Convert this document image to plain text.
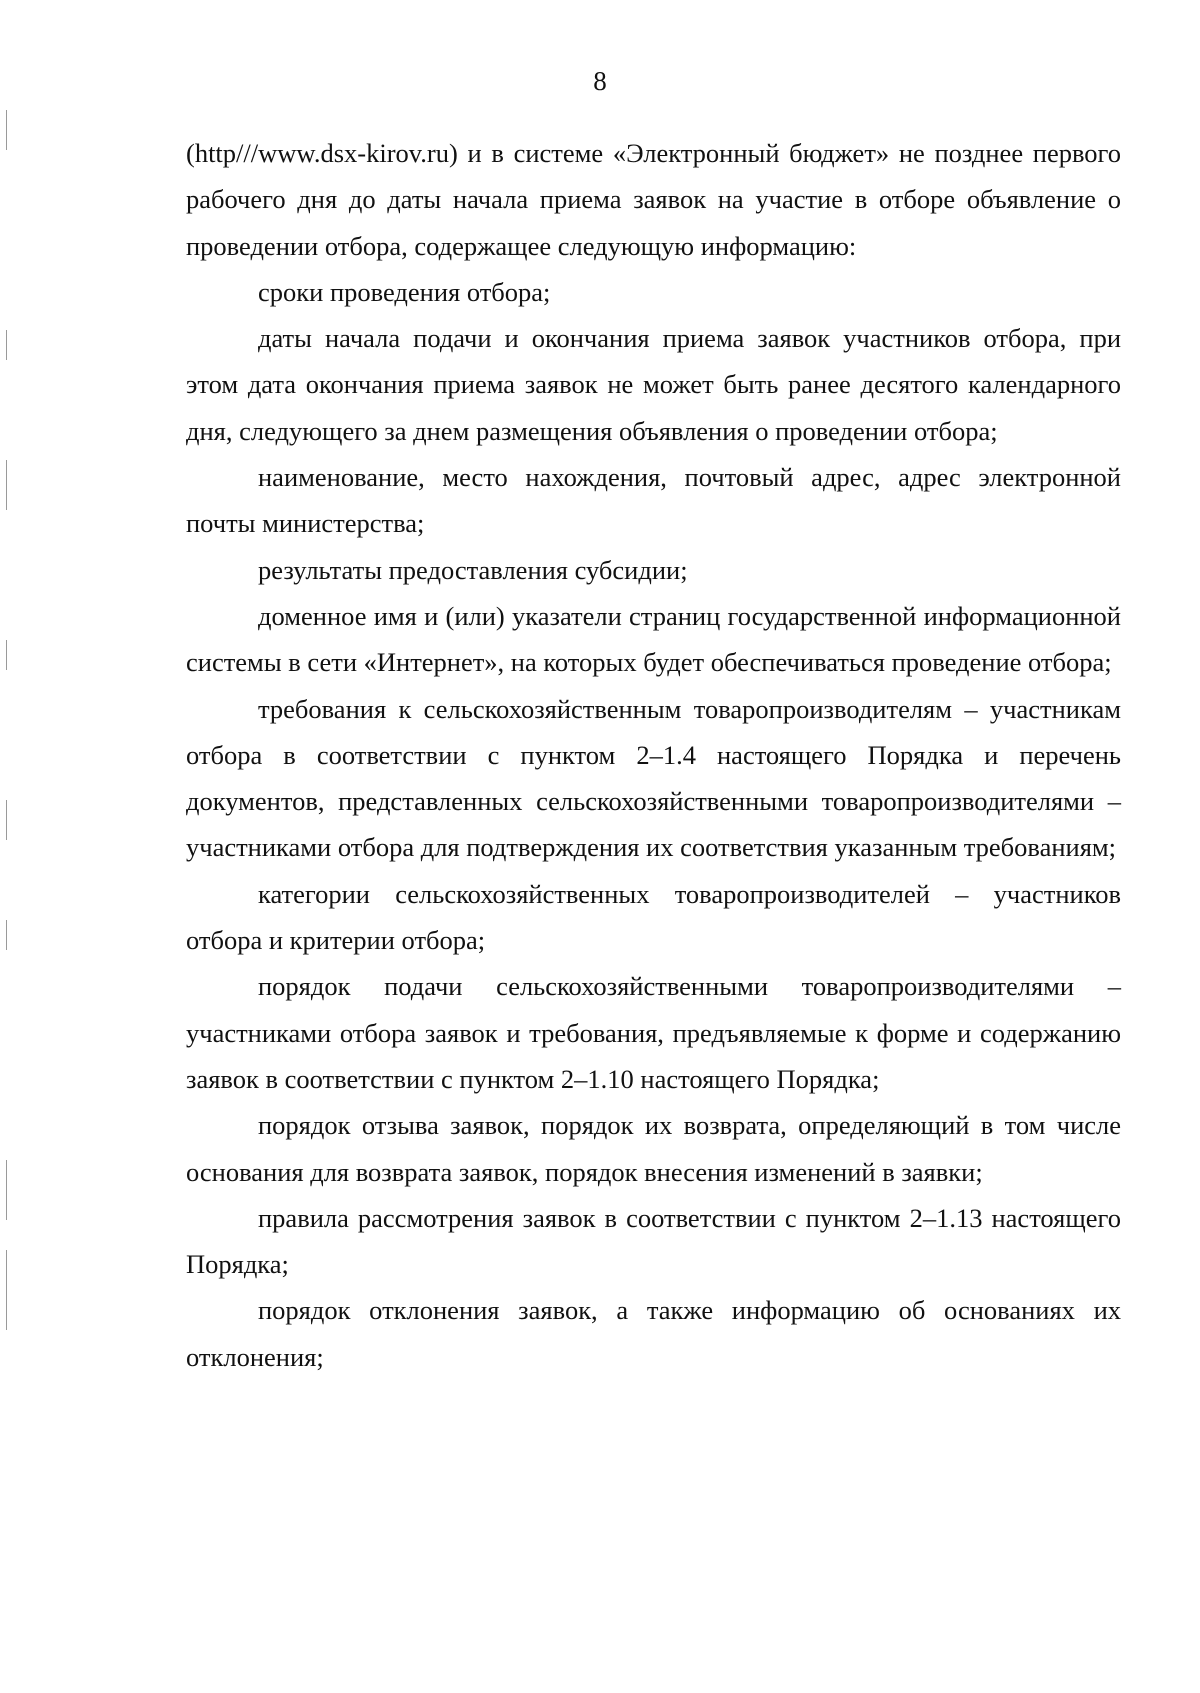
8

(http///www.dsx-kirov.ru) и в системе «Электронный бюджет» не позднее первого рабочего дня до даты начала приема заявок на участие в отборе объявление о проведении отбора, содержащее следующую информацию:

сроки проведения отбора;

даты начала подачи и окончания приема заявок участников отбора, при этом дата окончания приема заявок не может быть ранее десятого календарного дня, следующего за днем размещения объявления о проведении отбора;

наименование, место нахождения, почтовый адрес, адрес электронной почты министерства;

результаты предоставления субсидии;

доменное имя и (или) указатели страниц государственной информационной системы в сети «Интернет», на которых будет обеспечиваться проведение отбора;

требования к сельскохозяйственным товаропроизводителям – участникам отбора в соответствии с пунктом 2–1.4 настоящего Порядка и перечень документов, представленных сельскохозяйственными товаропроизводителями – участниками отбора для подтверждения их соответствия указанным требованиям;

категории сельскохозяйственных товаропроизводителей – участников отбора и критерии отбора;

порядок подачи сельскохозяйственными товаропроизводителями – участниками отбора заявок и требования, предъявляемые к форме и содержанию заявок в соответствии с пунктом 2–1.10 настоящего Порядка;

порядок отзыва заявок, порядок их возврата, определяющий в том числе основания для возврата заявок, порядок внесения изменений в заявки;

правила рассмотрения заявок в соответствии с пунктом 2–1.13 настоящего Порядка;

порядок отклонения заявок, а также информацию об основаниях их отклонения;
